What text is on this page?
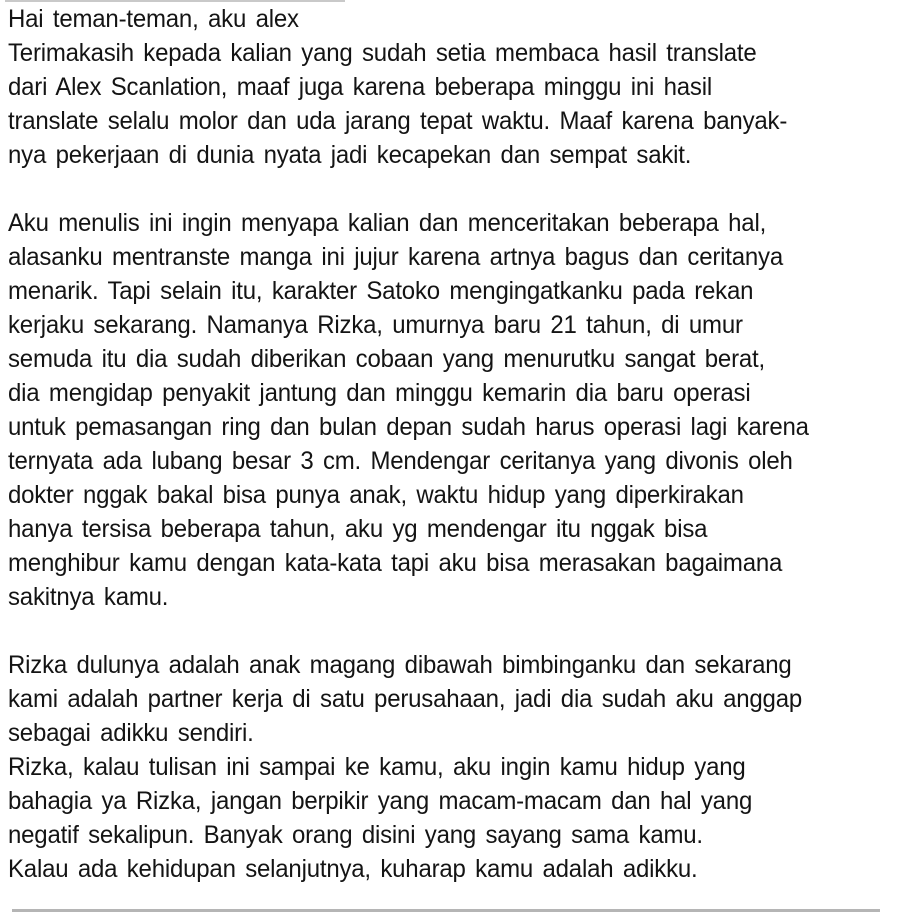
Hai teman-teman, aku alex
Terimakasih kepada kalian yang sudah setia membaca hasil translate
dari Alex Scanlation, maaf juga karena beberapa minggu ini hasil
translate selalu molor dan uda jarang tepat waktu. Maaf karena banyak-
nya pekerjaan di dunia nyata jadi kecapekan dan sempat sakit.
Aku menulis ini ingin menyapa kalian dan menceritakan beberapa hal,
alasanku mentranste manga ini jujur karena artnya bagus dan ceritanya
menarik. Tapi selain itu, karakter Satoko mengingatkanku pada rekan
kerjaku sekarang. Namanya Rizka, umurnya baru 21 tahun, di umur
semuda itu dia sudah diberikan cobaan yang menurutku sangat berat,
dia mengidap penyakit jantung dan minggu kemarin dia baru operasi
untuk pemasangan ring dan bulan depan sudah harus operasi lagi karena
ternyata ada lubang besar 3 cm. Mendengar ceritanya yang divonis oleh
dokter nggak bakal bisa punya anak, waktu hidup yang diperkirakan
hanya tersisa beberapa tahun, aku yg mendengar itu nggak bisa
menghibur kamu dengan kata-kata tapi aku bisa merasakan bagaimana
sakitnya kamu.
Rizka dulunya adalah anak magang dibawah bimbinganku dan sekarang
kami adalah partner kerja di satu perusahaan, jadi dia sudah aku anggap
sebagai adikku sendiri.
Rizka, kalau tulisan ini sampai ke kamu, aku ingin kamu hidup yang
bahagia ya Rizka, jangan berpikir yang macam-macam dan hal yang
negatif sekalipun. Banyak orang disini yang sayang sama kamu.
Kalau ada kehidupan selanjutnya, kuharap kamu adalah adikku.
